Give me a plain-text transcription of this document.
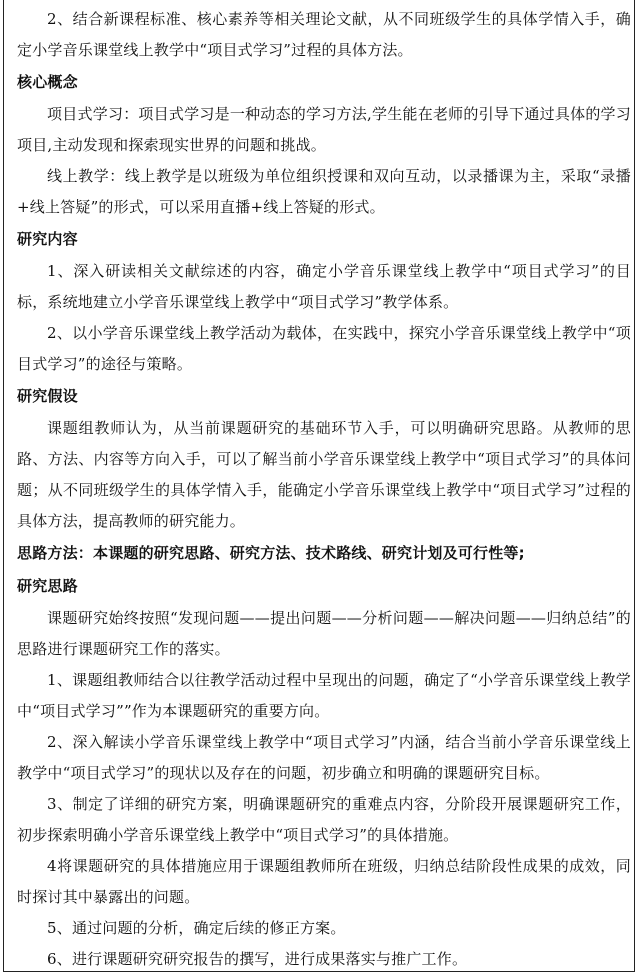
2、结合新课程标准、核心素养等相关理论文献，从不同班级学生的具体学情入手，确定小学音乐课堂线上教学中“项目式学习”过程的具体方法。

核心概念

项目式学习：项目式学习是一种动态的学习方法,学生能在老师的引导下通过具体的学习项目,主动发现和探索现实世界的问题和挑战。

线上教学：线上教学是以班级为单位组织授课和双向互动，以录播课为主，采取“录播+线上答疑”的形式，可以采用直播+线上答疑的形式。

研究内容

1、深入研读相关文献综述的内容，确定小学音乐课堂线上教学中“项目式学习”的目标，系统地建立小学音乐课堂线上教学中“项目式学习”教学体系。

2、以小学音乐课堂线上教学活动为载体，在实践中，探究小学音乐课堂线上教学中“项目式学习”的途径与策略。

研究假设

课题组教师认为，从当前课题研究的基础环节入手，可以明确研究思路。从教师的思路、方法、内容等方向入手，可以了解当前小学音乐课堂线上教学中“项目式学习”的具体问题；从不同班级学生的具体学情入手，能确定小学音乐课堂线上教学中“项目式学习”过程的具体方法，提高教师的研究能力。

思路方法：本课题的研究思路、研究方法、技术路线、研究计划及可行性等;

研究思路

课题研究始终按照“发现问题——提出问题——分析问题——解决问题——归纳总结”的思路进行课题研究工作的落实。

1、课题组教师结合以往教学活动过程中呈现出的问题，确定了“小学音乐课堂线上教学中“项目式学习””作为本课题研究的重要方向。

2、深入解读小学音乐课堂线上教学中“项目式学习”内涵，结合当前小学音乐课堂线上教学中“项目式学习”的现状以及存在的问题，初步确立和明确的课题研究目标。

3、制定了详细的研究方案，明确课题研究的重难点内容，分阶段开展课题研究工作，初步探索明确小学音乐课堂线上教学中“项目式学习”的具体措施。

4将课题研究的具体措施应用于课题组教师所在班级，归纳总结阶段性成果的成效，同时探讨其中暴露出的问题。

5、通过问题的分析，确定后续的修正方案。

6、进行课题研究研究报告的撰写，进行成果落实与推广工作。
